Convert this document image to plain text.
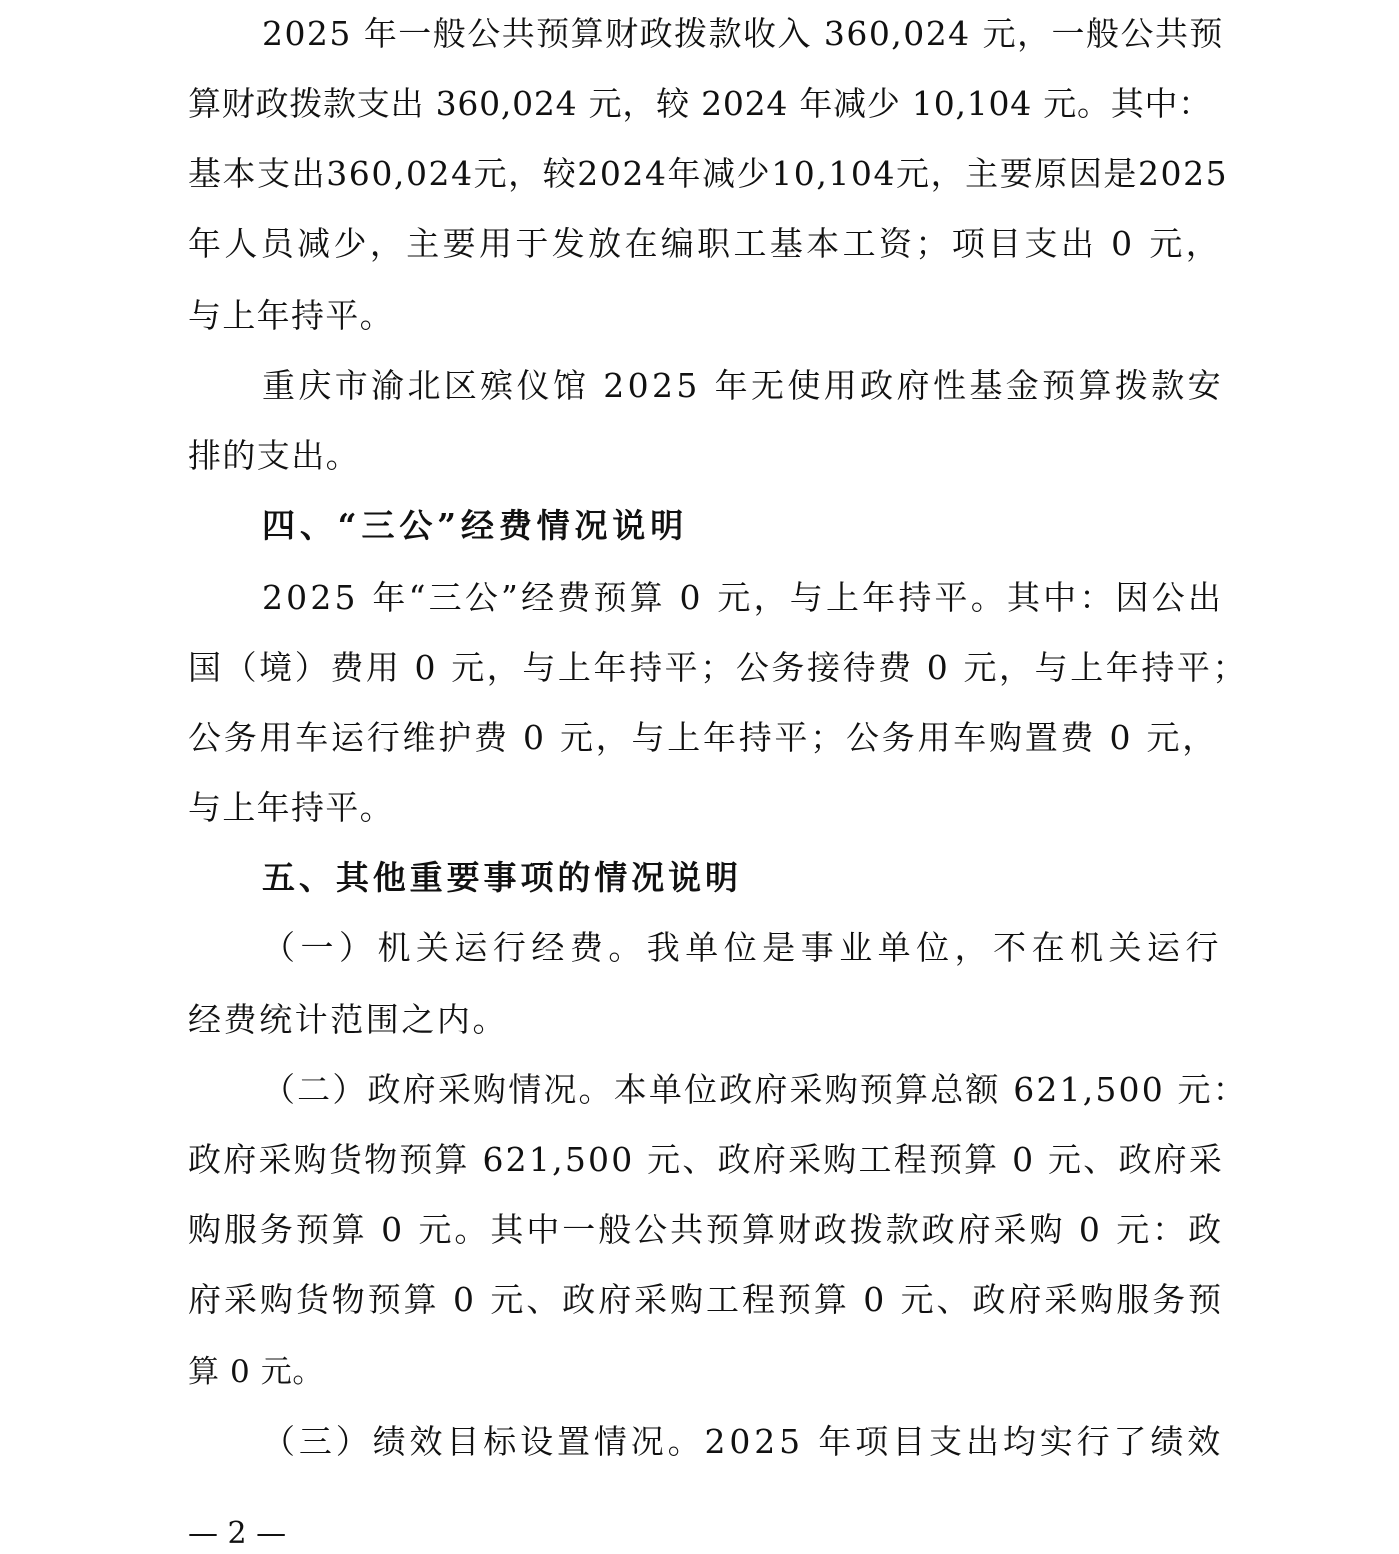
2025 年一般公共预算财政拨款收入 360,024 元，一般公共预
算财政拨款支出 360,024 元，较 2024 年减少 10,104 元。其中：
基本支出360,024元，较2024年减少10,104元，主要原因是2025
年人员减少，主要用于发放在编职工基本工资；项目支出 0 元，
与上年持平。
重庆市渝北区殡仪馆 2025 年无使用政府性基金预算拨款安
排的支出。
四、“三公”经费情况说明
2025 年“三公”经费预算 0 元，与上年持平。其中：因公出
国（境）费用 0 元，与上年持平；公务接待费 0 元，与上年持平；
公务用车运行维护费 0 元，与上年持平；公务用车购置费 0 元，
与上年持平。
五、其他重要事项的情况说明
（一）机关运行经费。我单位是事业单位，不在机关运行
经费统计范围之内。
（二）政府采购情况。本单位政府采购预算总额 621,500 元：
政府采购货物预算 621,500 元、政府采购工程预算 0 元、政府采
购服务预算 0 元。其中一般公共预算财政拨款政府采购 0 元：政
府采购货物预算 0 元、政府采购工程预算 0 元、政府采购服务预
算 0 元。
（三）绩效目标设置情况。2025 年项目支出均实行了绩效
— 2 —
